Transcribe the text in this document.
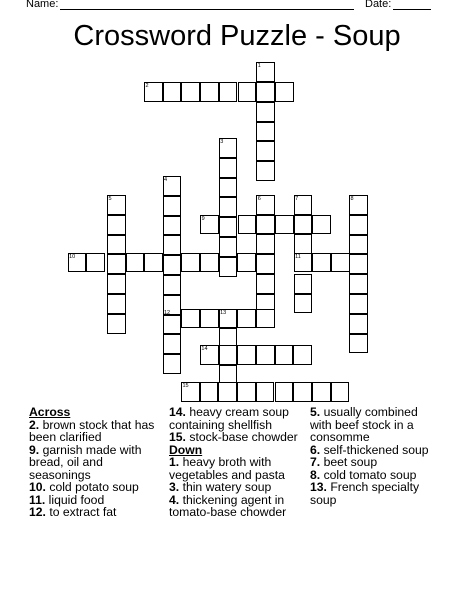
Name:	Date:
Crossword Puzzle - Soup
1
2
3
4
5	6	7	8
9
10	11
12	13
14
15
Across
2. brown stock that has been clarified
9. garnish made with bread, oil and seasonings
10. cold potato soup
11. liquid food
12. to extract fat
14. heavy cream soup containing shellfish
15. stock-base chowder
Down
1. heavy broth with vegetables and pasta
3. thin watery soup
4. thickening agent in tomato-base chowder
5. usually combined with beef stock in a consomme
6. self-thickened soup
7. beet soup
8. cold tomato soup
13. French specialty soup
